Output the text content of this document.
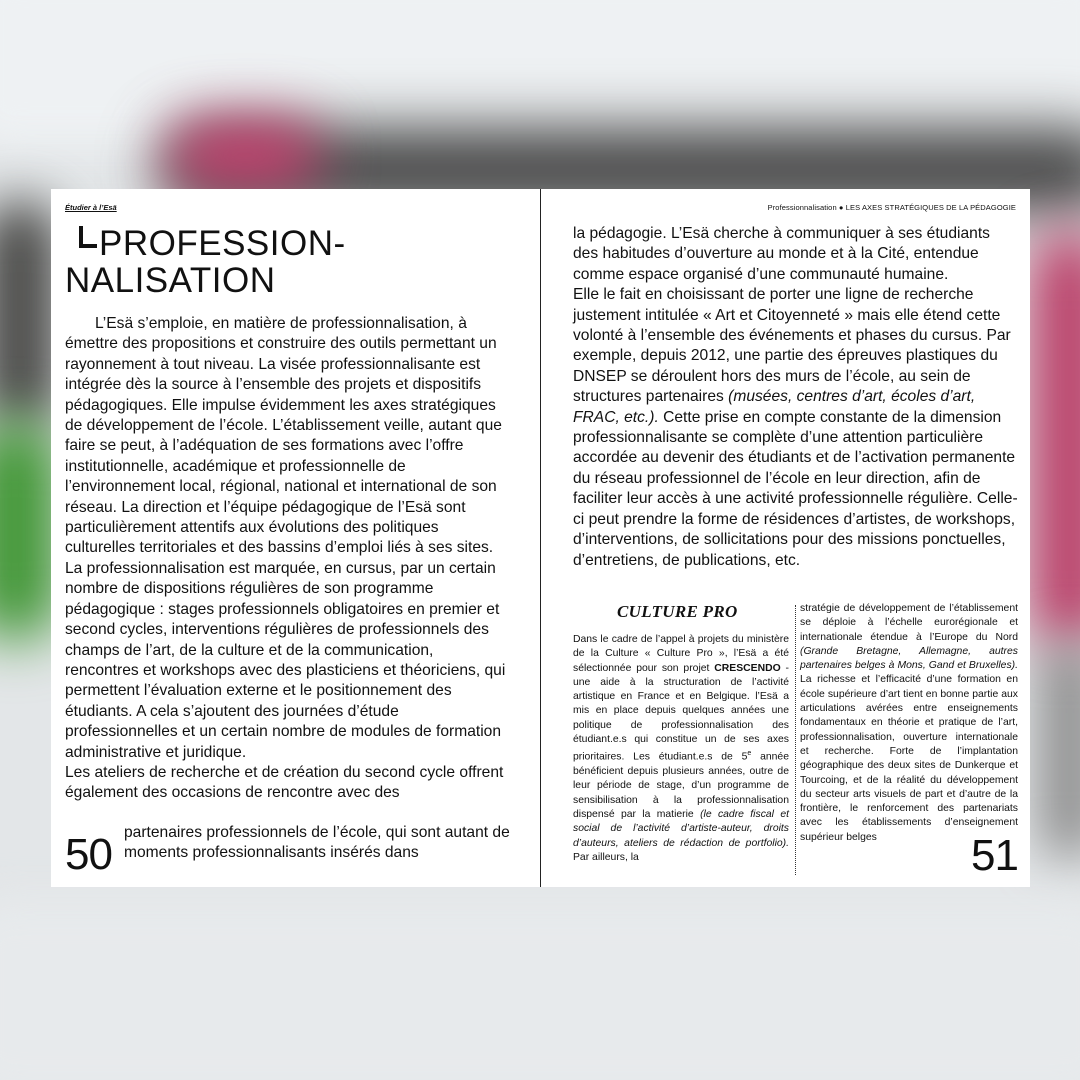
Étudier à l’Esä	Professionnalisation ● LES AXES STRATÉGIQUES DE LA PÉDAGOGIE
PROFESSION-
NALISATION

L’Esä s’emploie, en matière de professionnalisation, à émettre des propositions et construire des outils permettant un rayonnement à tout niveau. La visée professionnalisante est intégrée dès la source à l’ensemble des projets et dispositifs pédagogiques. Elle impulse évidemment les axes stratégiques de développement de l’école. L’établissement veille, autant que faire se peut, à l’adéquation de ses formations avec l’offre institutionnelle, académique et professionnelle de l’environnement local, régional, national et international de son réseau. La direction et l’équipe pédagogique de l’Esä sont particulièrement attentifs aux évolutions des politiques culturelles territoriales et des bassins d’emploi liés à ses sites.

La professionnalisation est marquée, en cursus, par un certain nombre de dispositions régulières de son programme pédagogique : stages professionnels obligatoires en premier et second cycles, interventions régulières de professionnels des champs de l’art, de la culture et de la communication, rencontres et workshops avec des plasticiens et théoriciens, qui permettent l’évaluation externe et le positionnement des étudiants. A cela s’ajoutent des journées d’étude professionnelles et un certain nombre de modules de formation administrative et juridique.

Les ateliers de recherche et de création du second cycle offrent également des occasions de rencontre avec des

partenaires professionnels de l’école, qui sont autant de moments professionnalisants insérés dans
50
la pédagogie. L’Esä cherche à communiquer à ses étudiants des habitudes d’ouverture au monde et à la Cité, entendue comme espace organisé d’une communauté humaine.
Elle le fait en choisissant de porter une ligne de recherche justement intitulée « Art et Citoyenneté » mais elle étend cette volonté à l’ensemble des événements et phases du cursus. Par exemple, depuis 2012, une partie des épreuves plastiques du DNSEP se déroulent hors des murs de l’école, au sein de structures partenaires (musées, centres d’art, écoles d’art, FRAC, etc.). Cette prise en compte constante de la dimension professionnalisante se complète d’une attention particulière accordée au devenir des étudiants et de l’activation permanente du réseau professionnel de l’école en leur direction, afin de faciliter leur accès à une activité professionnelle régulière. Celle-ci peut prendre la forme de résidences d’artistes, de workshops, d’interventions, de sollicitations pour des missions ponctuelles, d’entretiens, de publications, etc.
CULTURE PRO
Dans le cadre de l’appel à projets du ministère de la Culture « Culture Pro », l’Esä a été sélectionnée pour son projet CRESCENDO - une aide à la structuration de l’activité artistique en France et en Belgique. l’Esä a mis en place depuis quelques années une politique de professionnalisation des étudiant.e.s qui constitue un de ses axes prioritaires. Les étudiant.e.s de 5e année bénéficient depuis plusieurs années, outre de leur période de stage, d’un programme de sensibilisation à la professionnalisation dispensé par la matierie (le cadre fiscal et social de l’activité d’artiste-auteur, droits d’auteurs, ateliers de rédaction de portfolio). Par ailleurs, la
stratégie de développement de l’établissement se déploie à l’échelle eurorégionale et internationale étendue à l’Europe du Nord (Grande Bretagne, Allemagne, autres partenaires belges à Mons, Gand et Bruxelles). La richesse et l’efficacité d’une formation en école supérieure d’art tient en bonne partie aux articulations avérées entre enseignements fondamentaux en théorie et pratique de l’art, professionnalisation, ouverture internationale et recherche. Forte de l’implantation géographique des deux sites de Dunkerque et Tourcoing, et de la réalité du développement du secteur arts visuels de part et d’autre de la frontière, le renforcement des partenariats avec les établissements d’enseignement supérieur belges	51
